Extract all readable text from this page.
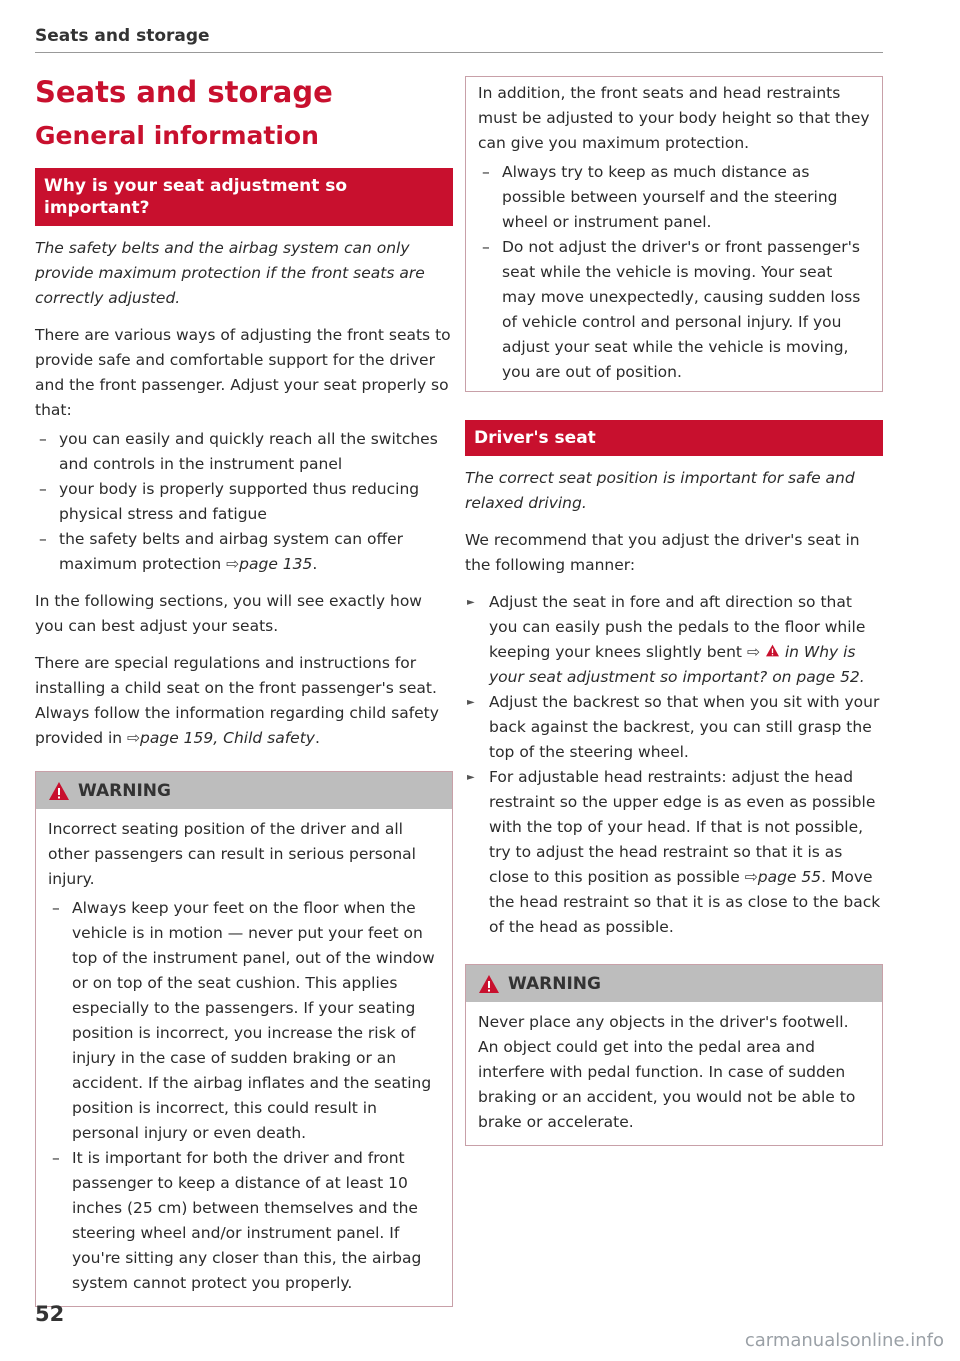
Seats and storage
Seats and storage
General information
Why is your seat adjustment so important?

The safety belts and the airbag system can only provide maximum protection if the front seats are correctly adjusted.

There are various ways of adjusting the front seats to provide safe and comfortable support for the driver and the front passenger. Adjust your seat properly so that:

– you can easily and quickly reach all the switches and controls in the instrument panel
– your body is properly supported thus reducing physical stress and fatigue
– the safety belts and airbag system can offer maximum protection ⇨page 135.

In the following sections, you will see exactly how you can best adjust your seats.

There are special regulations and instructions for installing a child seat on the front passenger's seat. Always follow the information regarding child safety provided in ⇨page 159, Child safety.

WARNING

Incorrect seating position of the driver and all other passengers can result in serious personal injury.

– Always keep your feet on the floor when the vehicle is in motion — never put your feet on top of the instrument panel, out of the window or on top of the seat cushion. This applies especially to the passengers. If your seating position is incorrect, you increase the risk of injury in the case of sudden braking or an accident. If the airbag inflates and the seating position is incorrect, this could result in personal injury or even death.
– It is important for both the driver and front passenger to keep a distance of at least 10 inches (25 cm) between themselves and the steering wheel and/or instrument panel. If you're sitting any closer than this, the airbag system cannot protect you properly.

In addition, the front seats and head restraints must be adjusted to your body height so that they can give you maximum protection.

– Always try to keep as much distance as possible between yourself and the steering wheel or instrument panel.
– Do not adjust the driver's or front passenger's seat while the vehicle is moving. Your seat may move unexpectedly, causing sudden loss of vehicle control and personal injury. If you adjust your seat while the vehicle is moving, you are out of position.
Driver's seat

The correct seat position is important for safe and relaxed driving.

We recommend that you adjust the driver's seat in the following manner:

► Adjust the seat in fore and aft direction so that you can easily push the pedals to the floor while keeping your knees slightly bent ⇨ in Why is your seat adjustment so important? on page 52.
► Adjust the backrest so that when you sit with your back against the backrest, you can still grasp the top of the steering wheel.
► For adjustable head restraints: adjust the head restraint so the upper edge is as even as possible with the top of your head. If that is not possible, try to adjust the head restraint so that it is as close to this position as possible ⇨page 55. Move the head restraint so that it is as close to the back of the head as possible.
WARNING

Never place any objects in the driver's footwell. An object could get into the pedal area and interfere with pedal function. In case of sudden braking or an accident, you would not be able to brake or accelerate.

52
carmanualsonline.info
